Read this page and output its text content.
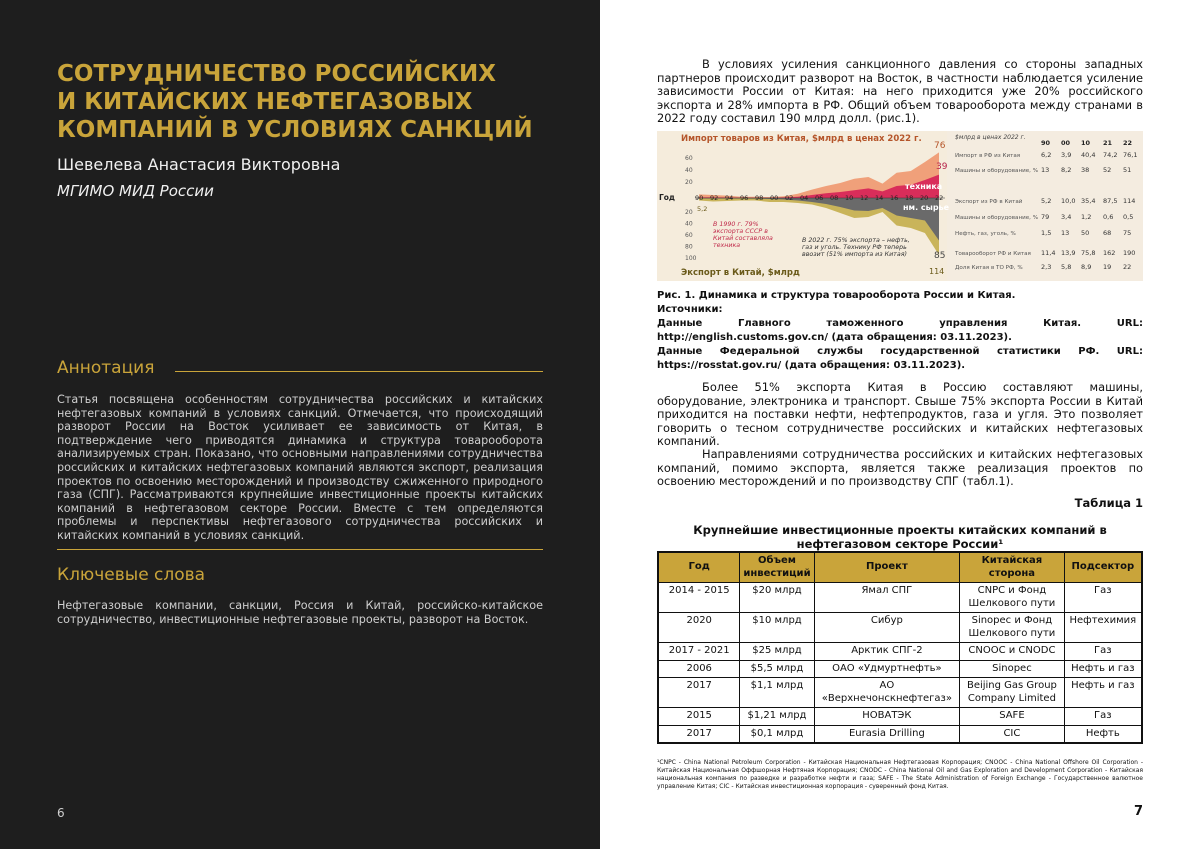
СОТРУДНИЧЕСТВО РОССИЙСКИХ
И КИТАЙСКИХ НЕФТЕГАЗОВЫХ
КОМПАНИЙ В УСЛОВИЯХ САНКЦИЙ
Шевелева Анастасия Викторовна
МГИМО МИД России
Аннотация
Статья посвящена особенностям сотрудничества российских и китайских нефтегазовых компаний в условиях санкций. Отмечается, что происходящий разворот России на Восток усиливает ее зависимость от Китая, в подтверждение чего приводятся динамика и структура товарооборота анализируемых стран. Показано, что основными направлениями сотрудничества российских и китайских нефтегазовых компаний являются экспорт, реализация проектов по освоению месторождений и производству сжиженного природного газа (СПГ). Рассматриваются крупнейшие инвестиционные проекты китайских компаний в нефтегазовом секторе России. Вместе с тем определяются проблемы и перспективы нефтегазового сотрудничества российских и китайских компаний в условиях санкций.
Ключевые слова
Нефтегазовые компании, санкции, Россия и Китай, российско-китайское сотрудничество, инвестиционные нефтегазовые проекты, разворот на Восток.
6
В условиях усиления санкционного давления со стороны западных партнеров происходит разворот на Восток, в частности наблюдается усиление зависимости России от Китая: на него приходится уже 20% российского экспорта и 28% импорта в РФ. Общий объем товарооборота между странами в 2022 году составил 190 млрд долл. (рис.1).
Импорт товаров из Китая, $млрд в ценах 2022 г.
Экспорт в Китай, $млрд
Год	90 92 94 96 98 00 02 04 06 08 10 12 14 16 18 20 22
60
40
20
20
40
60
80
100
техника
нм. сырье
76
39
85
114
5,2
В 1990 г. 79% экспорта СССР в Китай составляла техника
В 2022 г. 75% экспорта – нефть, газ и уголь. Технику РФ теперь ввозит (51% импорта из Китая)
$млрд в ценах 2022 г.
90 00 10 21 22
Импорт в РФ из Китая	6,2 3,9 40,4 74,2 76,1
Машины и оборудование, % 13 8,2 38 52 51
Экспорт из РФ в Китай	5,2 10,0 35,4 87,5 114
Машины и оборудование, % 79 3,4 1,2 0,6 0,5
Нефть, газ, уголь, %	1,5 13 50 68 75
Товарооборот РФ и Китая 11,4 13,9 75,8 162 190
Доля Китая в ТО РФ, %	2,3 5,8 8,9 19 22
Рис. 1. Динамика и структура товарооборота России и Китая.
Источники:
Данные Главного таможенного управления Китая. URL: http://english.customs.gov.cn/ (дата обращения: 03.11.2023).
Данные Федеральной службы государственной статистики РФ. URL: https://rosstat.gov.ru/ (дата обращения: 03.11.2023).
Более 51% экспорта Китая в Россию составляют машины, оборудование, электроника и транспорт. Свыше 75% экспорта России в Китай приходится на поставки нефти, нефтепродуктов, газа и угля. Это позволяет говорить о тесном сотрудничестве российских и китайских нефтегазовых компаний.
Направлениями сотрудничества российских и китайских нефтегазовых компаний, помимо экспорта, является также реализация проектов по освоению месторождений и по производству СПГ (табл.1).
Таблица 1
Крупнейшие инвестиционные проекты китайских компаний в нефтегазовом секторе России¹
Год	Объем инвестиций	Проект	Китайская сторона	Подсектор
2014 - 2015	$20 млрд	Ямал СПГ	CNPC и Фонд Шелкового пути	Газ
2020	$10 млрд	Сибур	Sinopec и Фонд Шелкового пути	Нефтехимия
2017 - 2021	$25 млрд	Арктик СПГ-2	CNOOC и CNODC	Газ
2006	$5,5 млрд	ОАО «Удмуртнефть»	Sinopec	Нефть и газ
2017	$1,1 млрд	АО «Верхнечонскнефтегаз»	Beijing Gas Group Company Limited	Нефть и газ
2015	$1,21 млрд	НОВАТЭК	SAFE	Газ
2017	$0,1 млрд	Eurasia Drilling	CIC	Нефть
¹CNPC - China National Petroleum Corporation - Китайская Национальная Нефтегазовая Корпорация; CNOOC - China National Offshore Oil Corporation - Китайская Национальная Оффшорная Нефтяная Корпорация; CNODC - China National Oil and Gas Exploration and Development Corporation - Китайская национальная компания по разведке и разработке нефти и газа; SAFE - The State Administration of Foreign Exchange - Государственное валютное управление Китая; CIC - Китайская инвестиционная корпорация - суверенный фонд Китая.
7
